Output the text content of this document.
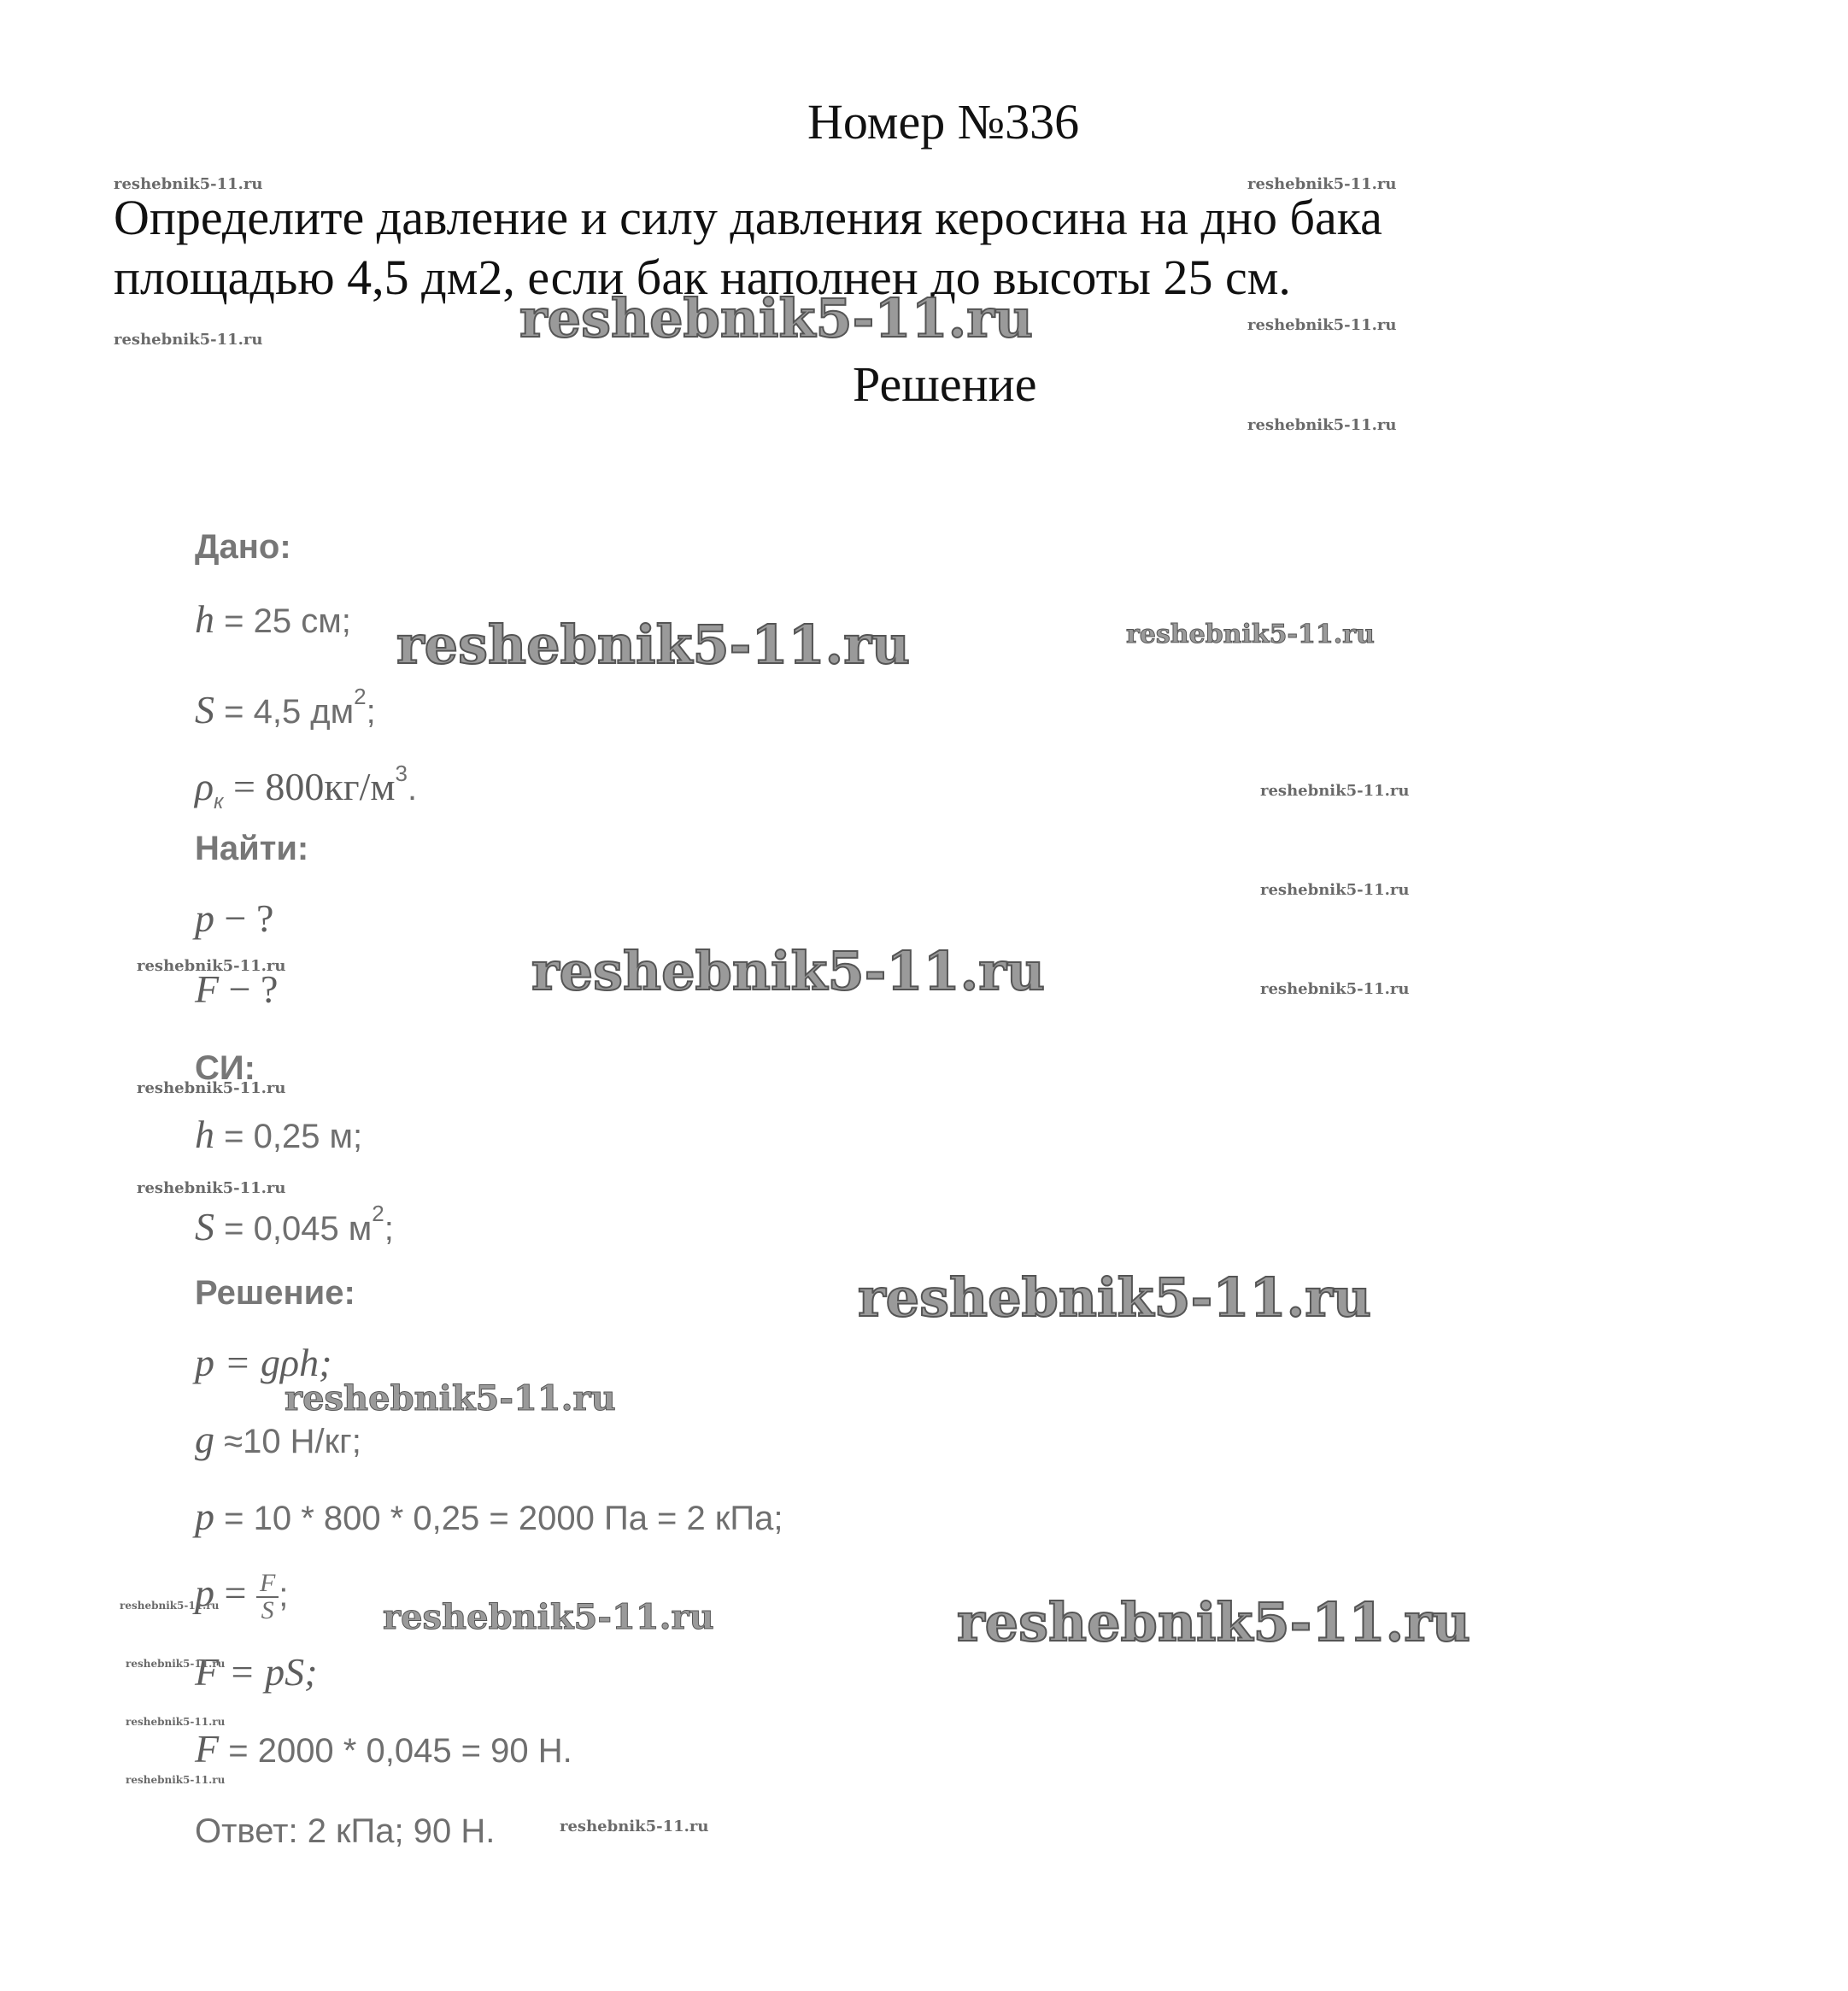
Номер №336
Определите давление и силу давления керосина на дно бака
площадью 4,5 дм2, если бак наполнен до высоты 25 см.
Решение
Дано:
h = 25 см;
S = 4,5 $дм^2$;
$\rho_к = 800кг/м^3$.
Найти:
p − ?
F − ?
СИ:
h = 0,25 м;
S = 0,045 $м^2$;
Решение:
p = gρh;
g ≈10 Н/кг;
p = 10 * 800 * 0,25 = 2000 Па = 2 кПа;
$p = \frac{F}{S}$ ;
F = pS;
F = 2000 * 0,045 = 90 Н.
Ответ: 2 кПа; 90 Н.
reshebnik5-11.ru
reshebnik5-11.ru
reshebnik5-11.ru
reshebnik5-11.ru
reshebnik5-11.ru
reshebnik5-11.ru
reshebnik5-11.ru
reshebnik5-11.ru
reshebnik5-11.ru	reshebnik5-11.ru
reshebnik5-11.ru
reshebnik5-11.ru
reshebnik5-11.ru
reshebnik5-11.ru
reshebnik5-11.ru
reshebnik5-11.ru
reshebnik5-11.ru
reshebnik5-11.ru
reshebnik5-11.ru
reshebnik5-11.ru
reshebnik5-11.ru
reshebnik5-11.ru
reshebnik5-11.ru
reshebnik5-11.ru
